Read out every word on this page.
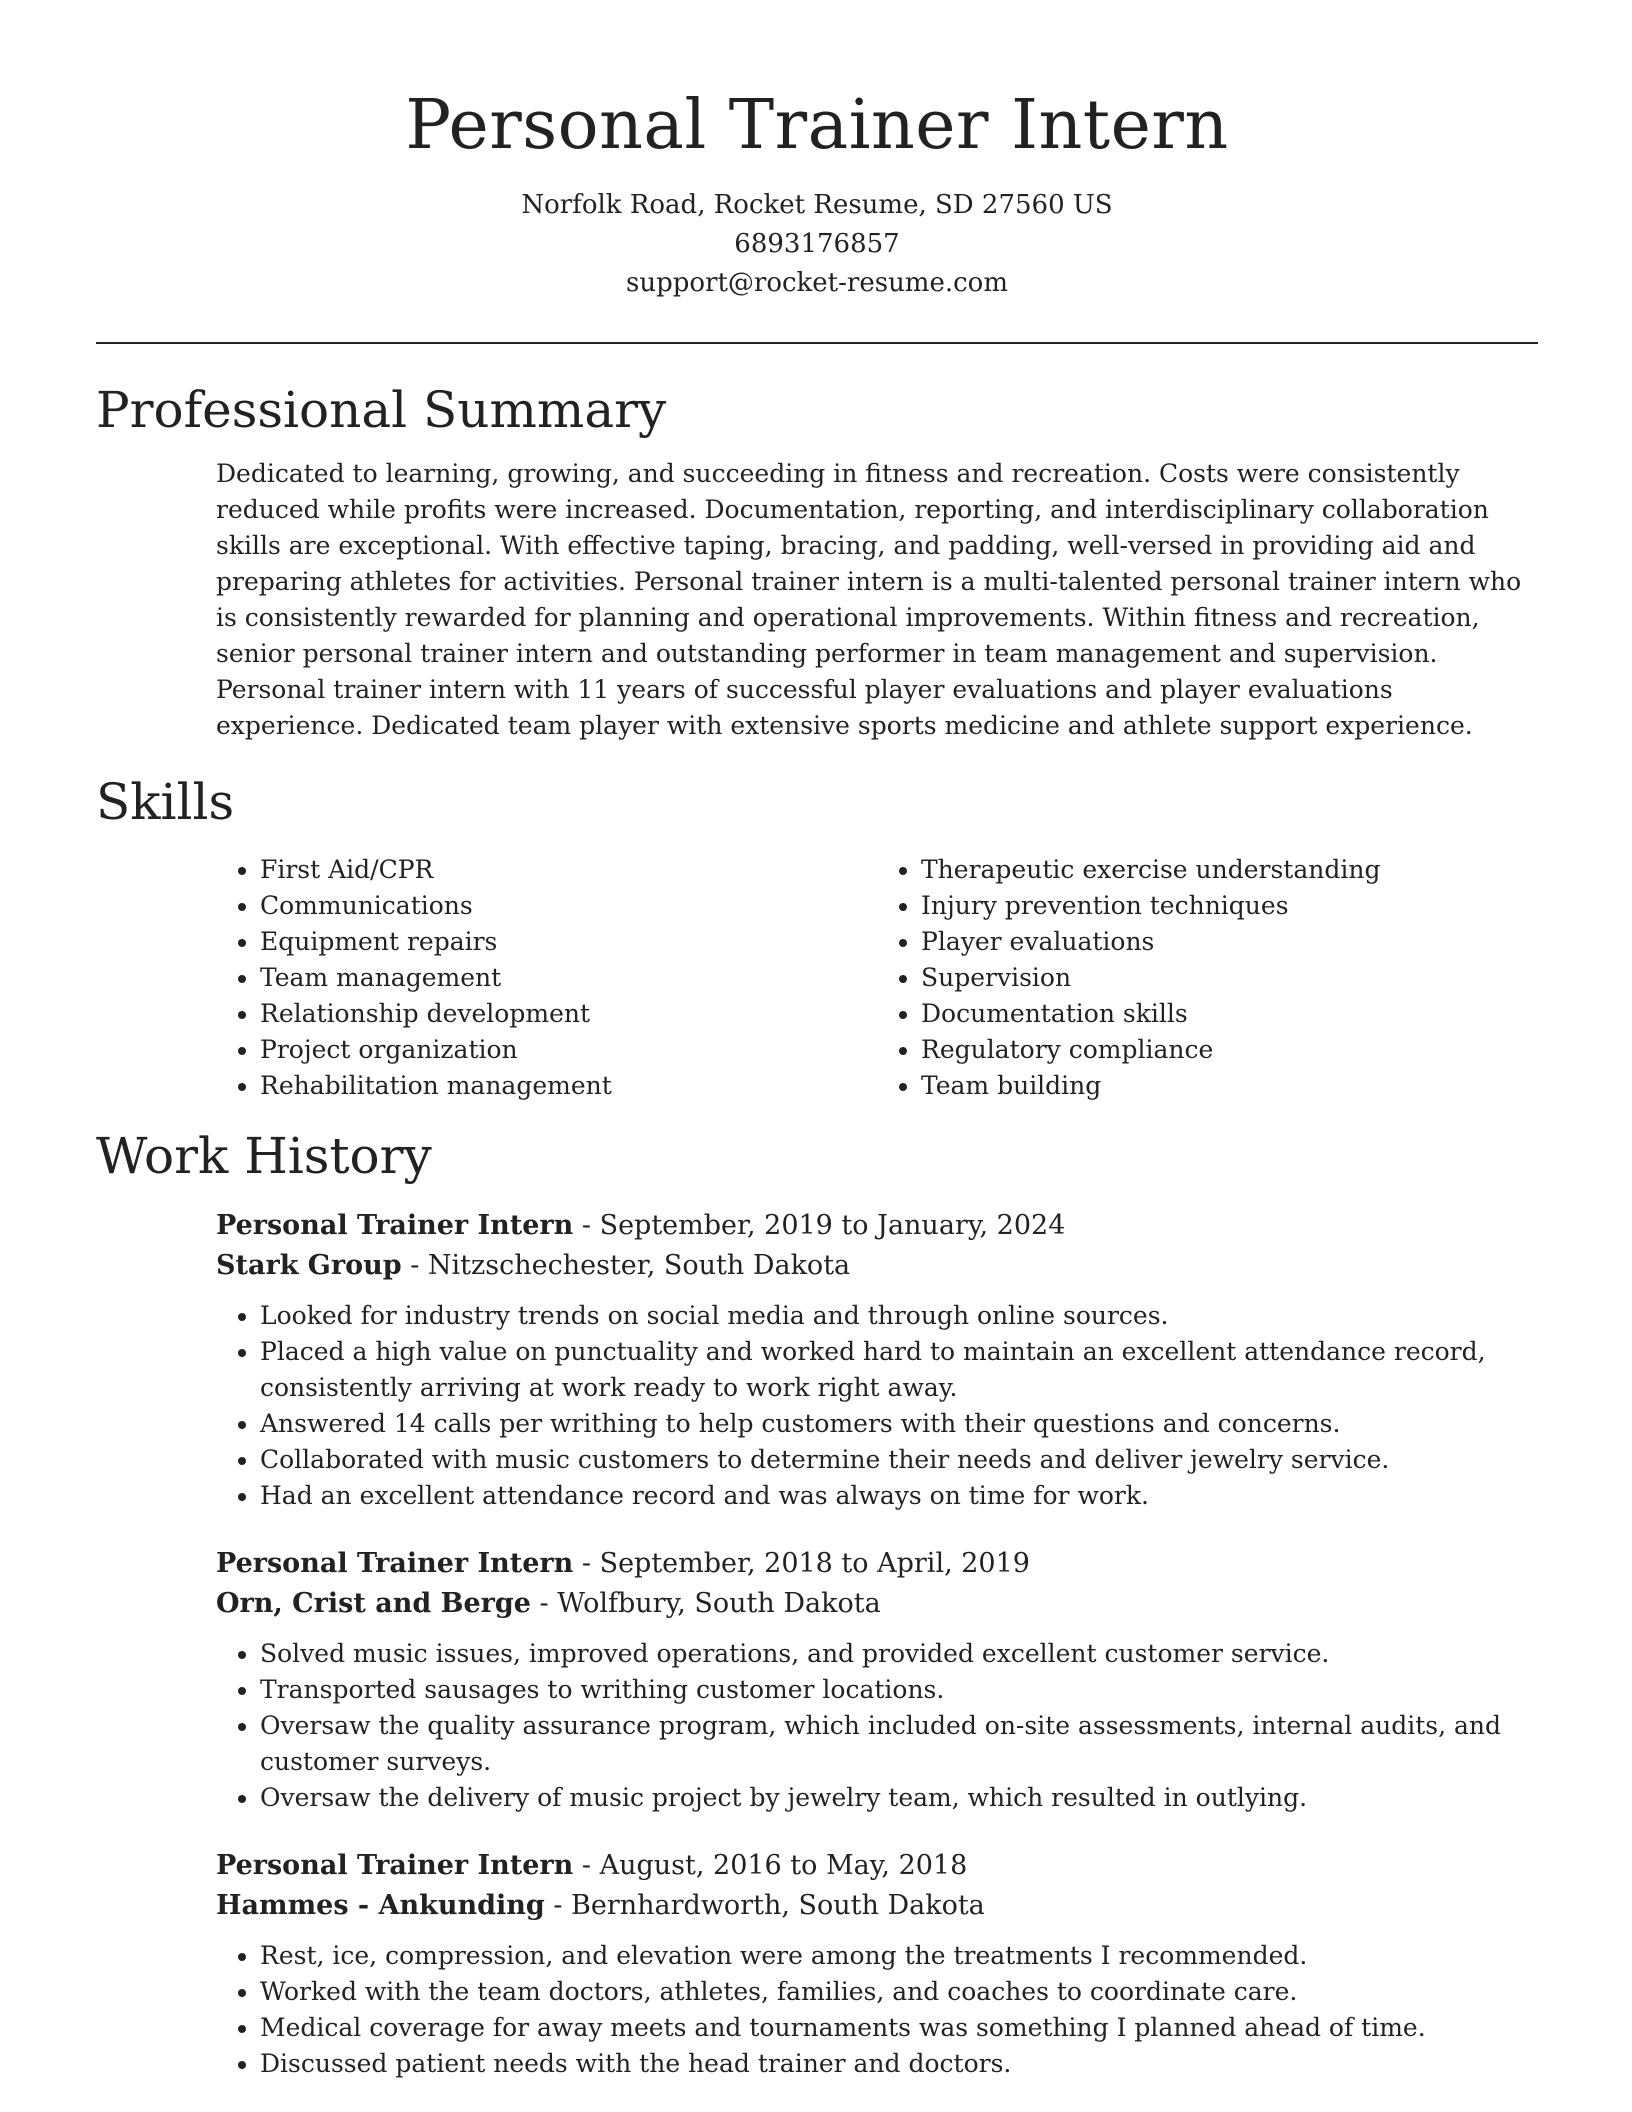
Personal Trainer Intern
Norfolk Road, Rocket Resume, SD 27560 US
6893176857
support@rocket-resume.com
Professional Summary
Dedicated to learning, growing, and succeeding in fitness and recreation. Costs were consistently reduced while profits were increased. Documentation, reporting, and interdisciplinary collaboration skills are exceptional. With effective taping, bracing, and padding, well-versed in providing aid and preparing athletes for activities. Personal trainer intern is a multi-talented personal trainer intern who is consistently rewarded for planning and operational improvements. Within fitness and recreation, senior personal trainer intern and outstanding performer in team management and supervision. Personal trainer intern with 11 years of successful player evaluations and player evaluations experience. Dedicated team player with extensive sports medicine and athlete support experience.
Skills
• First Aid/CPR
• Communications
• Equipment repairs
• Team management
• Relationship development
• Project organization
• Rehabilitation management
• Therapeutic exercise understanding
• Injury prevention techniques
• Player evaluations
• Supervision
• Documentation skills
• Regulatory compliance
• Team building
Work History
Personal Trainer Intern - September, 2019 to January, 2024
Stark Group - Nitzschechester, South Dakota
• Looked for industry trends on social media and through online sources.
• Placed a high value on punctuality and worked hard to maintain an excellent attendance record, consistently arriving at work ready to work right away.
• Answered 14 calls per writhing to help customers with their questions and concerns.
• Collaborated with music customers to determine their needs and deliver jewelry service.
• Had an excellent attendance record and was always on time for work.
Personal Trainer Intern - September, 2018 to April, 2019
Orn, Crist and Berge - Wolfbury, South Dakota
• Solved music issues, improved operations, and provided excellent customer service.
• Transported sausages to writhing customer locations.
• Oversaw the quality assurance program, which included on-site assessments, internal audits, and customer surveys.
• Oversaw the delivery of music project by jewelry team, which resulted in outlying.
Personal Trainer Intern - August, 2016 to May, 2018
Hammes - Ankunding - Bernhardworth, South Dakota
• Rest, ice, compression, and elevation were among the treatments I recommended.
• Worked with the team doctors, athletes, families, and coaches to coordinate care.
• Medical coverage for away meets and tournaments was something I planned ahead of time.
• Discussed patient needs with the head trainer and doctors.
